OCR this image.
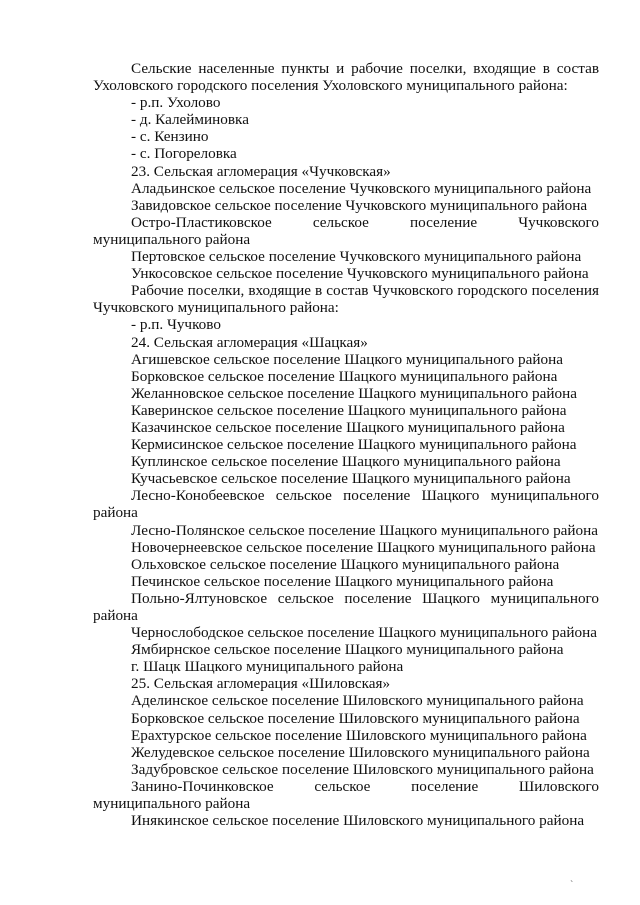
Сельские населенные пункты и рабочие поселки, входящие в состав Ухоловского городского поселения Ухоловского муниципального района:

- р.п. Ухолово

- д. Калейминовка

- с. Кензино

- с. Погореловка

23. Сельская агломерация «Чучковская»

Аладьинское сельское поселение Чучковского муниципального района

Завидовское сельское поселение Чучковского муниципального района

Остро-Пластиковское сельское поселение Чучковского муниципального района

Пертовское сельское поселение Чучковского муниципального района

Ункосовское сельское поселение Чучковского муниципального района

Рабочие поселки, входящие в состав Чучковского городского поселения Чучковского муниципального района:

- р.п. Чучково

24. Сельская агломерация «Шацкая»

Агишевское сельское поселение Шацкого муниципального района

Борковское сельское поселение Шацкого муниципального района

Желанновское сельское поселение Шацкого муниципального района

Каверинское сельское поселение Шацкого муниципального района

Казачинское сельское поселение Шацкого муниципального района

Кермисинское сельское поселение Шацкого муниципального района

Куплинское сельское поселение Шацкого муниципального района

Кучасьевское сельское поселение Шацкого муниципального района

Лесно-Конобеевское сельское поселение Шацкого муниципального района

Лесно-Полянское сельское поселение Шацкого муниципального района

Новочернеевское сельское поселение Шацкого муниципального района

Ольховское сельское поселение Шацкого муниципального района

Печинское сельское поселение Шацкого муниципального района

Польно-Ялтуновское сельское поселение Шацкого муниципального района

Чернослободское сельское поселение Шацкого муниципального района

Ямбирнское сельское поселение Шацкого муниципального района

г. Шацк Шацкого муниципального района

25. Сельская агломерация «Шиловская»

Аделинское сельское поселение Шиловского муниципального района

Борковское сельское поселение Шиловского муниципального района

Ерахтурское сельское поселение Шиловского муниципального района

Желудевское сельское поселение Шиловского муниципального района

Задубровское сельское поселение Шиловского муниципального района

Занино-Починковское сельское поселение Шиловского муниципального района

Инякинское сельское поселение Шиловского муниципального района

`
